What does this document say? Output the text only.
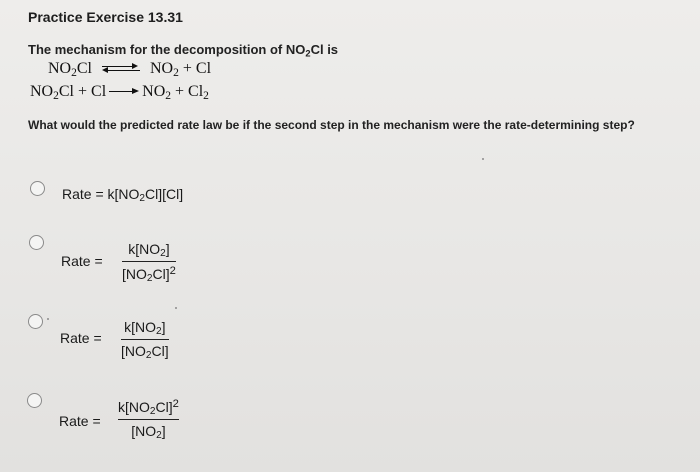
Practice Exercise 13.31
The mechanism for the decomposition of $NO_2Cl$ is
$NO_2Cl$	$NO_2 + Cl$
$NO_2Cl + Cl$ $NO_2 + Cl_2$
What would the predicted rate law be if the second step in the mechanism were the rate-determining step?
Rate = $k[NO_2Cl][Cl]$
Rate =
$k[NO_2]$
$[NO_2Cl]^2$
Rate =
$k[NO_2]$
$[NO_2Cl]$
Rate =
$k[NO_2Cl]^2$
$[NO_2]$
